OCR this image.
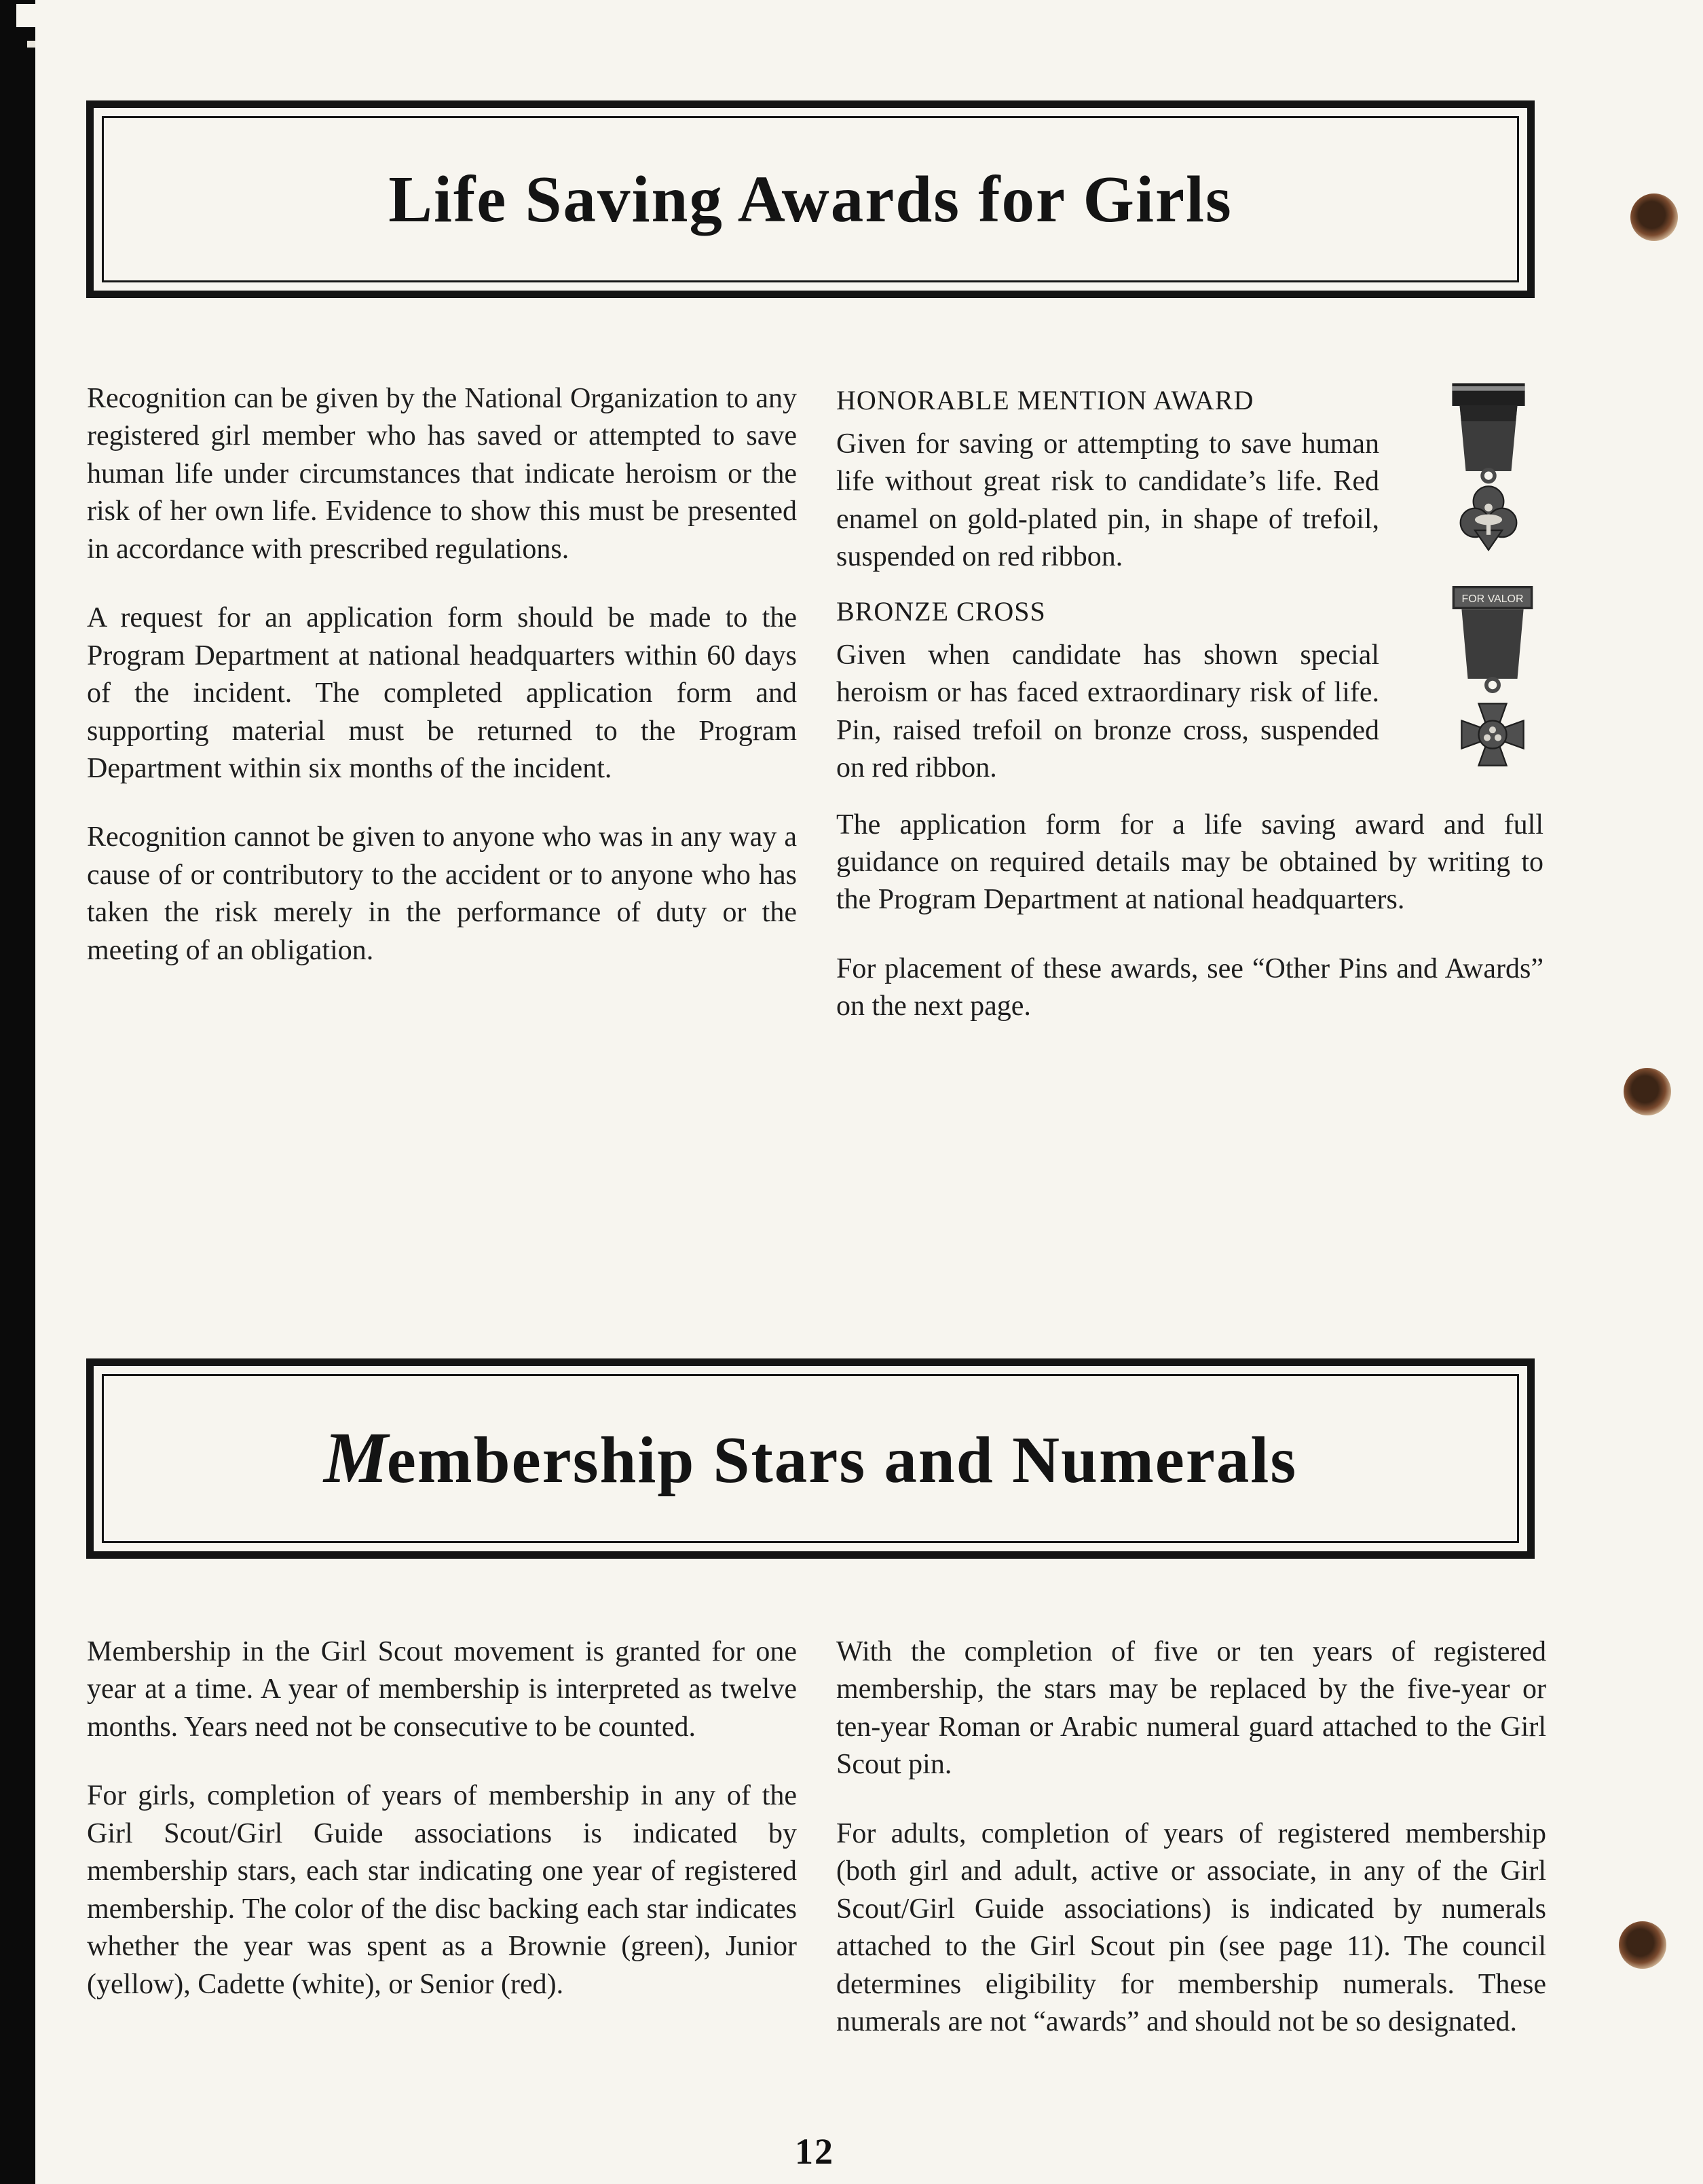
Life Saving Awards for Girls

Recognition can be given by the National Organization to any registered girl member who has saved or attempted to save human life under circumstances that indicate heroism or the risk of her own life. Evidence to show this must be presented in accordance with prescribed regulations.

A request for an application form should be made to the Program Department at national headquarters within 60 days of the incident. The completed application form and supporting material must be returned to the Program Department within six months of the incident.

Recognition cannot be given to anyone who was in any way a cause of or contributory to the accident or to anyone who has taken the risk merely in the performance of duty or the meeting of an obligation.

HONORABLE MENTION AWARD

Given for saving or attempting to save human life without great risk to candidate’s life. Red enamel on gold-plated pin, in shape of trefoil, suspended on red ribbon.

BRONZE CROSS

Given when candidate has shown special heroism or has faced extraordinary risk of life. Pin, raised trefoil on bronze cross, suspended on red ribbon.

The application form for a life saving award and full guidance on required details may be obtained by writing to the Program Department at national headquarters.

For placement of these awards, see “Other Pins and Awards” on the next page.

FOR VALOR
Membership Stars and Numerals

Membership in the Girl Scout movement is granted for one year at a time. A year of membership is interpreted as twelve months. Years need not be consecutive to be counted.

For girls, completion of years of membership in any of the Girl Scout/Girl Guide associations is indicated by membership stars, each star indicating one year of registered membership. The color of the disc backing each star indicates whether the year was spent as a Brownie (green), Junior (yellow), Cadette (white), or Senior (red).

With the completion of five or ten years of registered membership, the stars may be replaced by the five-year or ten-year Roman or Arabic numeral guard attached to the Girl Scout pin.

For adults, completion of years of registered membership (both girl and adult, active or associate, in any of the Girl Scout/Girl Guide associations) is indicated by numerals attached to the Girl Scout pin (see page 11). The council determines eligibility for membership numerals. These numerals are not “awards” and should not be so designated.

12
